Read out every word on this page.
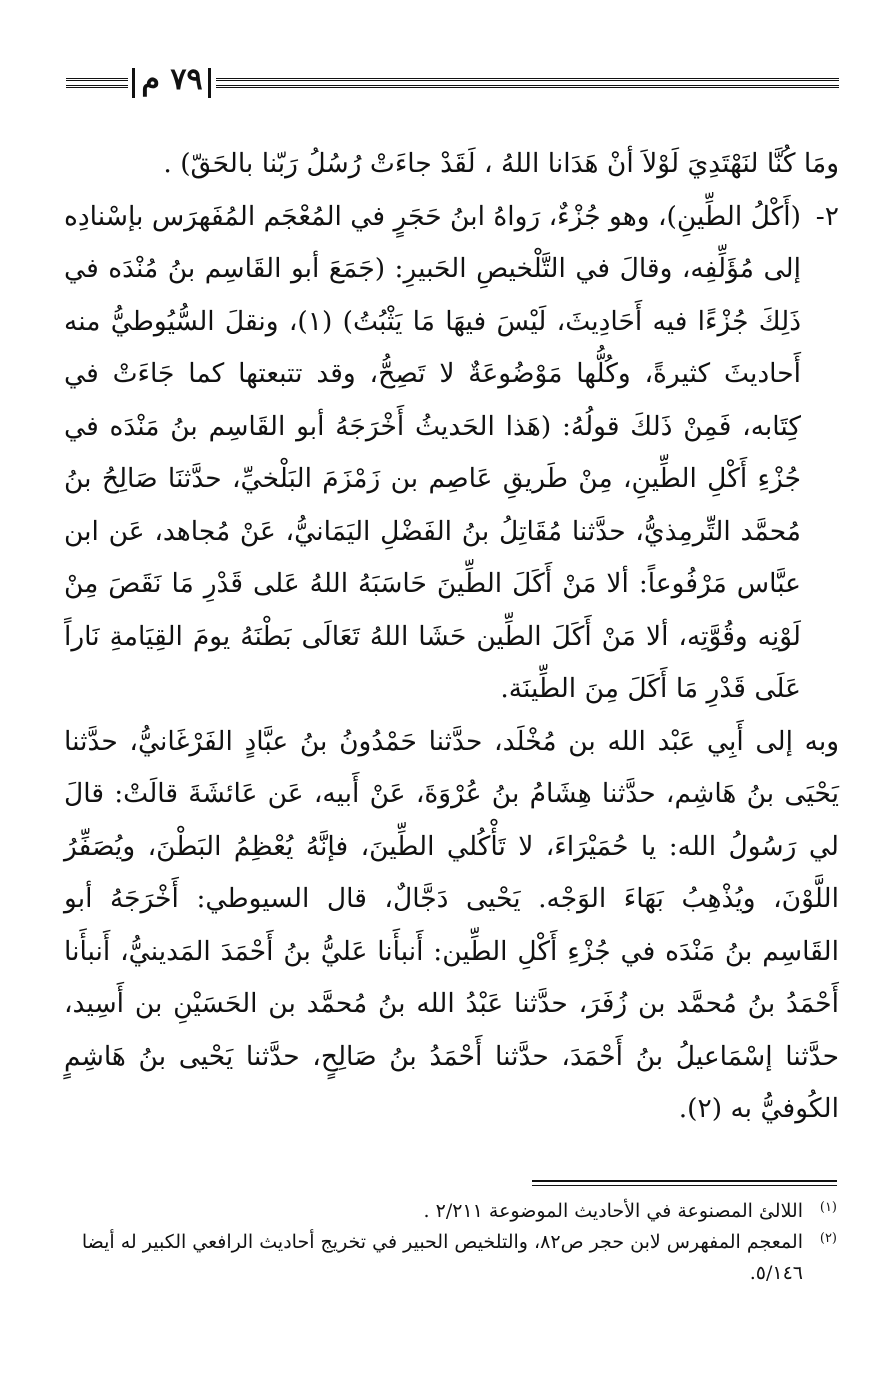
٧٩ م

ومَا كُنَّا لنَهْتَدِيَ لَوْلاَ أنْ هَدَانا اللهُ ، لَقَدْ جاءَتْ رُسُلُ رَبّنا بالحَقّ) .

٢-
(أَكْلُ الطِّينِ)، وهو جُزْءٌ، رَواهُ ابنُ حَجَرٍ في المُعْجَم المُفَهرَس بإسْنادِه إلى مُؤَلِّفِه، وقالَ في التَّلْخيصِ الحَبيرِ: (جَمَعَ أبو القَاسِم بنُ مُنْدَه في ذَلِكَ جُزْءًا فيه أَحَادِيثَ، لَيْسَ فيهَا مَا يَثْبُتُ) (١)، ونقلَ السُّيُوطيُّ منه أَحاديثَ كثيرةً، وكُلُّها مَوْضُوعَةٌ لا تَصِحُّ، وقد تتبعتها كما جَاءَتْ في كِتَابه، فَمِنْ ذَلكَ قولُهُ: (هَذا الحَديثُ أَخْرَجَهُ أبو القَاسِم بنُ مَنْدَه في جُزْءِ أَكْلِ الطِّينِ، مِنْ طَريقِ عَاصِم بن زَمْزَمَ البَلْخيِّ، حدَّثنَا صَالِحُ بنُ مُحمَّد التِّرمِذيُّ، حدَّثنا مُقَاتِلُ بنُ الفَضْلِ اليَمَانيُّ، عَنْ مُجاهد، عَن ابن عبَّاس مَرْفُوعاً: ألا مَنْ أَكَلَ الطِّينَ حَاسَبَهُ اللهُ عَلى قَدْرِ مَا نَقَصَ مِنْ لَوْنِه وقُوَّتِه، ألا مَنْ أَكَلَ الطِّين حَشَا اللهُ تَعَالَى بَطْنَهُ يومَ القِيَامةِ نَاراً عَلَى قَدْرِ مَا أَكَلَ مِنَ الطِّينَة.

وبه إلى أَبِي عَبْد الله بن مُخْلَد، حدَّثنا حَمْدُونُ بنُ عبَّادٍ الفَرْغَانيُّ، حدَّثنا يَحْيَى بنُ هَاشِم، حدَّثنا هِشَامُ بنُ عُرْوَةَ، عَنْ أَبيه، عَن عَائشَةَ قالَتْ: قالَ لي رَسُولُ الله: يا حُمَيْرَاءَ، لا تَأْكُلي الطِّينَ، فإنَّهُ يُعْظِمُ البَطْنَ، ويُصَفِّرُ اللَّوْنَ، ويُذْهِبُ بَهَاءَ الوَجْه. يَحْيى دَجَّالٌ، قال السيوطي: أَخْرَجَهُ أبو القَاسِم بنُ مَنْدَه في جُزْءِ أَكْلِ الطِّين: أَنبأَنا عَليُّ بنُ أَحْمَدَ المَدينيُّ، أَنبأَنا أَحْمَدُ بنُ مُحمَّد بن زُفَرَ، حدَّثنا عَبْدُ الله بنُ مُحمَّد بن الحَسَيْنِ بن أَسِيد، حدَّثنا إسْمَاعيلُ بنُ أَحْمَدَ، حدَّثنا أَحْمَدُ بنُ صَالِحٍ، حدَّثنا يَحْيى بنُ هَاشِمٍ الكُوفيُّ به (٢).

(١)
اللالئ المصنوعة في الأحاديث الموضوعة ٢/٢١١ .
(٢)
المعجم المفهرس لابن حجر ص٨٢، والتلخيص الحبير في تخريج أحاديث الرافعي الكبير له أيضا ٥/١٤٦.
